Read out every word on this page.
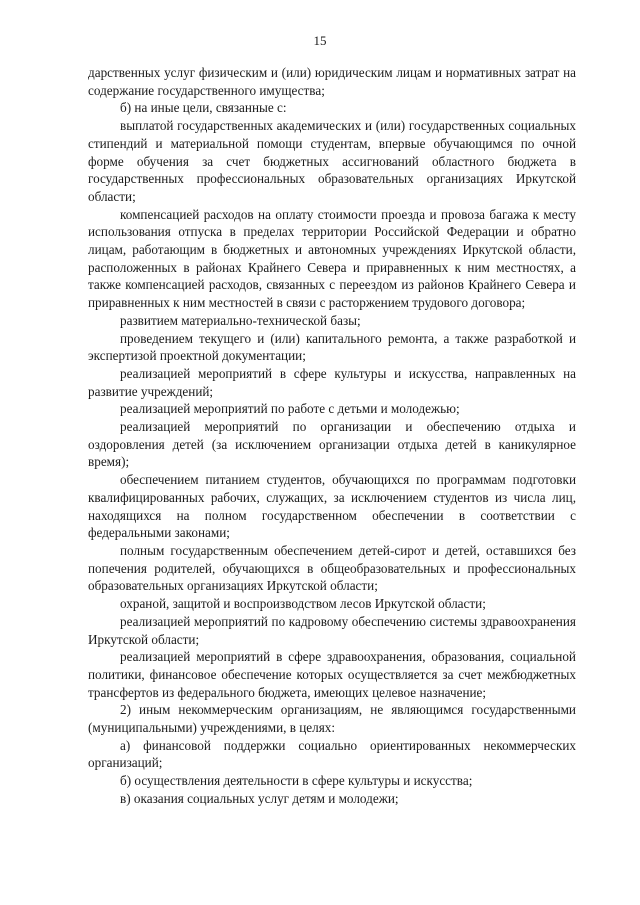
15

дарственных услуг физическим и (или) юридическим лицам и нормативных затрат на содержание государственного имущества;

б) на иные цели, связанные с:

выплатой государственных академических и (или) государственных социальных стипендий и материальной помощи студентам, впервые обучающимся по очной форме обучения за счет бюджетных ассигнований областного бюджета в государственных профессиональных образовательных организациях Иркутской области;

компенсацией расходов на оплату стоимости проезда и провоза багажа к месту использования отпуска в пределах территории Российской Федерации и обратно лицам, работающим в бюджетных и автономных учреждениях Иркутской области, расположенных в районах Крайнего Севера и приравненных к ним местностях, а также компенсацией расходов, связанных с переездом из районов Крайнего Севера и приравненных к ним местностей в связи с расторжением трудового договора;

развитием материально-технической базы;

проведением текущего и (или) капитального ремонта, а также разработкой и экспертизой проектной документации;

реализацией мероприятий в сфере культуры и искусства, направленных на развитие учреждений;

реализацией мероприятий по работе с детьми и молодежью;

реализацией мероприятий по организации и обеспечению отдыха и оздоровления детей (за исключением организации отдыха детей в каникулярное время);

обеспечением питанием студентов, обучающихся по программам подготовки квалифицированных рабочих, служащих, за исключением студентов из числа лиц, находящихся на полном государственном обеспечении в соответствии с федеральными законами;

полным государственным обеспечением детей-сирот и детей, оставшихся без попечения родителей, обучающихся в общеобразовательных и профессиональных образовательных организациях Иркутской области;

охраной, защитой и воспроизводством лесов Иркутской области;

реализацией мероприятий по кадровому обеспечению системы здравоохранения Иркутской области;

реализацией мероприятий в сфере здравоохранения, образования, социальной политики, финансовое обеспечение которых осуществляется за счет межбюджетных трансфертов из федерального бюджета, имеющих целевое назначение;

2) иным некоммерческим организациям, не являющимся государственными (муниципальными) учреждениями, в целях:

а) финансовой поддержки социально ориентированных некоммерческих организаций;

б) осуществления деятельности в сфере культуры и искусства;

в) оказания социальных услуг детям и молодежи;
